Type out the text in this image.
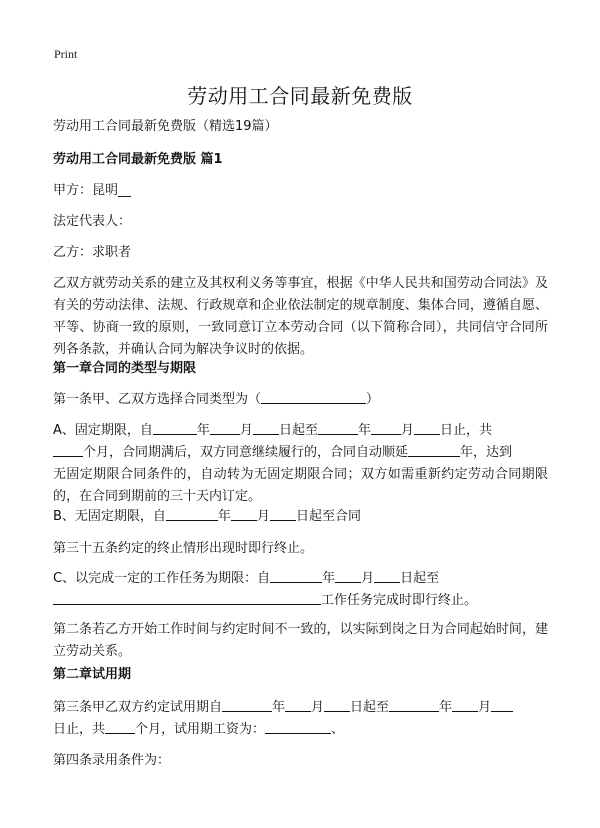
Print
劳动用工合同最新免费版
劳动用工合同最新免费版（精选19篇）
劳动用工合同最新免费版 篇1
甲方：昆明__
法定代表人：
乙方：求职者
乙双方就劳动关系的建立及其权利义务等事宜，根据《中华人民共和国劳动合同法》及有关的劳动法律、法规、行政规章和企业依法制定的规章制度、集体合同，遵循自愿、平等、协商一致的原则，一致同意订立本劳动合同（以下简称合同），共同信守合同所列各条款，并确认合同为解决争议时的依据。
第一章合同的类型与期限
第一条甲、乙双方选择合同类型为（	）
A、固定期限，自	年 月 日起至	年 月 日止，共
个月，合同期满后，双方同意继续履行的，合同自动顺延	年，达到
无固定期限合同条件的，自动转为无固定期限合同；双方如需重新约定劳动合同期限的，在合同到期前的三十天内订定。
B、无固定期限，自	年 月 日起至合同
第三十五条约定的终止情形出现时即行终止。
C、以完成一定的工作任务为期限：自	年 月 日起至
工作任务完成时即行终止。
第二条若乙方开始工作时间与约定时间不一致的，以实际到岗之日为合同起始时间，建立劳动关系。
第二章试用期
第三条甲乙双方约定试用期自	年 月 日起至	年 月
日止，共 个月，试用期工资为：	、
第四条录用条件为：
